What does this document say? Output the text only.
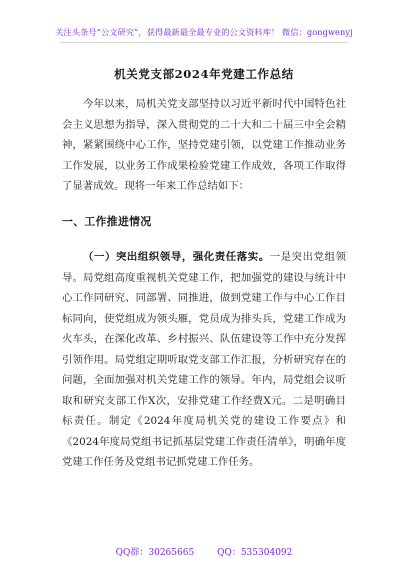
关注头条号“公文研究”，获得最新最全最专业的公文资料库！ 微信：gongwenyj
机关党支部2024年党建工作总结

今年以来，局机关党支部坚持以习近平新时代中国特色社会主义思想为指导，深入贯彻党的二十大和二十届三中全会精神，紧紧围绕中心工作，坚持党建引领，以党建工作推动业务工作发展，以业务工作成果检验党建工作成效，各项工作取得了显著成效。现将一年来工作总结如下：

一、工作推进情况

（一）突出组织领导，强化责任落实。一是突出党组领导。局党组高度重视机关党建工作，把加强党的建设与统计中心工作同研究、同部署、同推进，做到党建工作与中心工作目标同向，使党组成为领头雁，党员成为排头兵，党建工作成为火车头，在深化改革、乡村振兴、队伍建设等工作中充分发挥引领作用。局党组定期听取党支部工作汇报，分析研究存在的问题，全面加强对机关党建工作的领导。年内，局党组会议听取和研究支部工作X次，安排党建工作经费X元。二是明确目标责任。制定《2024年度局机关党的建设工作要点》和《2024年度局党组书记抓基层党建工作责任清单》，明确年度党建工作任务及党组书记抓党建工作任务。

QQ群：30265665	QQ：535304092
